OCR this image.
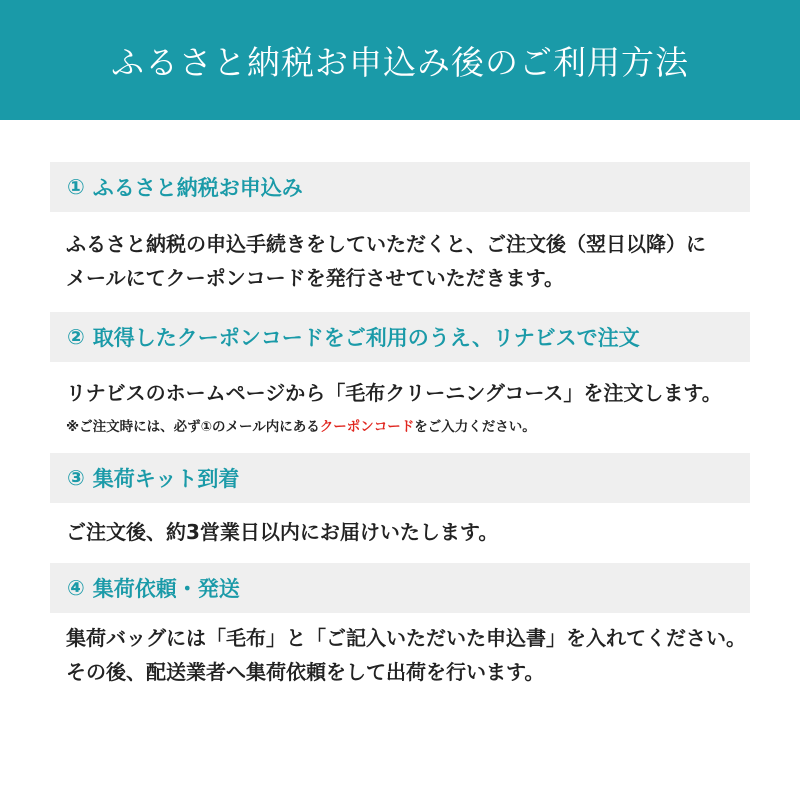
ふるさと納税お申込み後のご利用方法
① ふるさと納税お申込み
ふるさと納税の申込手続きをしていただくと、ご注文後（翌日以降）に
メールにてクーポンコードを発行させていただきます。
② 取得したクーポンコードをご利用のうえ、リナビスで注文
リナビスのホームページから「毛布クリーニングコース」を注文します。
※ご注文時には、必ず①のメール内にあるクーポンコードをご入力ください。
③ 集荷キット到着
ご注文後、約3営業日以内にお届けいたします。
④ 集荷依頼・発送
集荷バッグには「毛布」と「ご記入いただいた申込書」を入れてください。
その後、配送業者へ集荷依頼をして出荷を行います。
